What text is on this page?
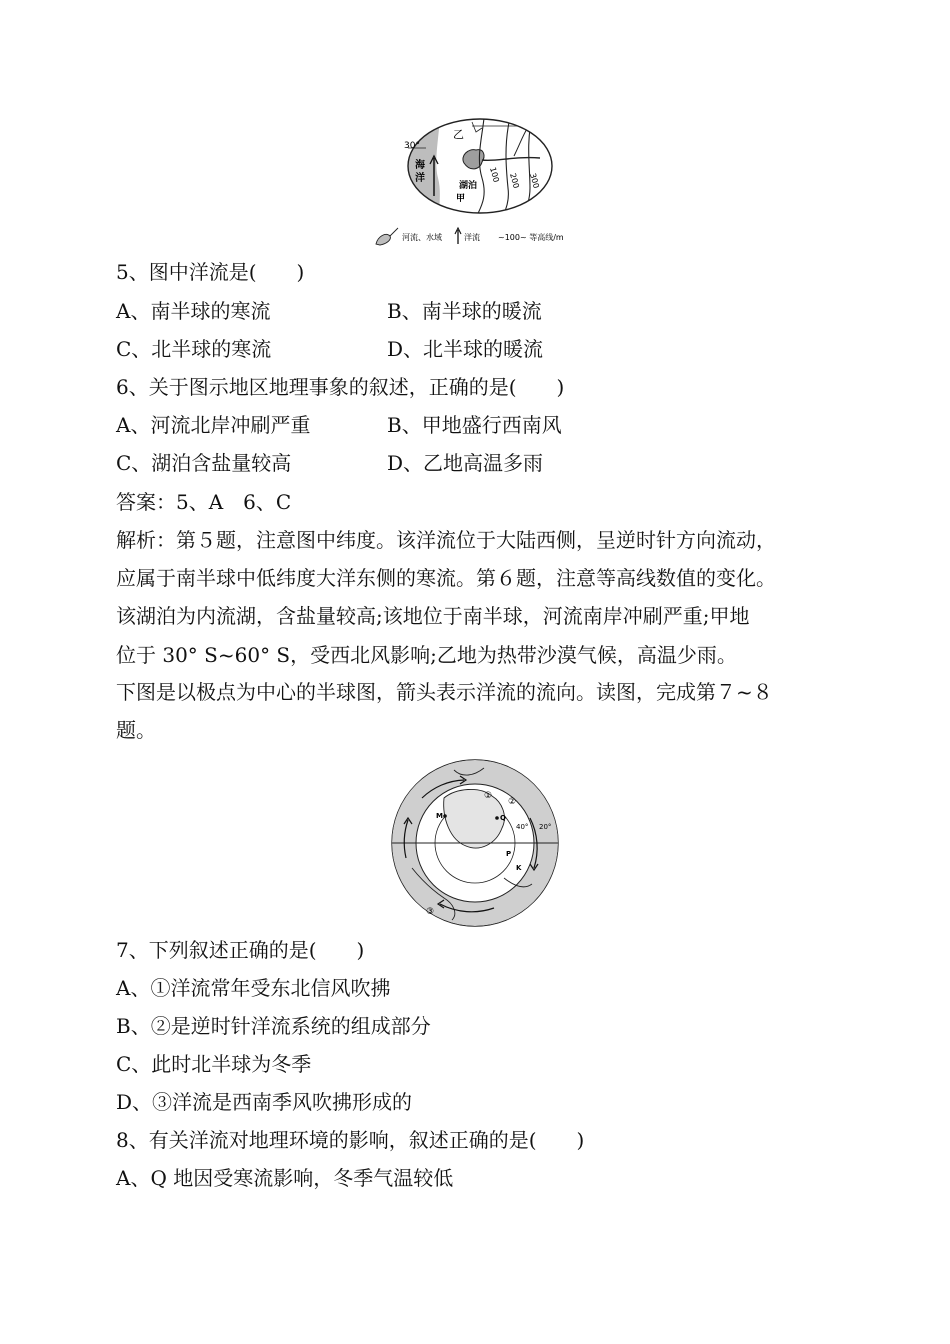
30°
海
洋
乙
湖泊
甲
100 200 300
河流、水域	洋流 ~100~ 等高线/m
5、图中洋流是(　　)
A、南半球的寒流	B、南半球的暖流
C、北半球的寒流	D、北半球的暖流
6、关于图示地区地理事象的叙述，正确的是(　　)
A、河流北岸冲刷严重	B、甲地盛行西南风
C、湖泊含盐量较高	D、乙地高温多雨
答案：5、A　6、C
解析：第５题，注意图中纬度。该洋流位于大陆西侧，呈逆时针方向流动，
应属于南半球中低纬度大洋东侧的寒流。第６题，注意等高线数值的变化。
该湖泊为内流湖，含盐量较高;该地位于南半球，河流南岸冲刷严重;甲地
位于 30° S~60° S，受西北风影响;乙地为热带沙漠气候，高温少雨。
下图是以极点为中心的半球图，箭头表示洋流的流向。读图，完成第７~８
题。
①
②
③
M	Q
P
K
40° 20°
7、下列叙述正确的是(　　)
A、①洋流常年受东北信风吹拂
B、②是逆时针洋流系统的组成部分
C、此时北半球为冬季
D、③洋流是西南季风吹拂形成的
8、有关洋流对地理环境的影响，叙述正确的是(　　)
A、Q 地因受寒流影响，冬季气温较低
